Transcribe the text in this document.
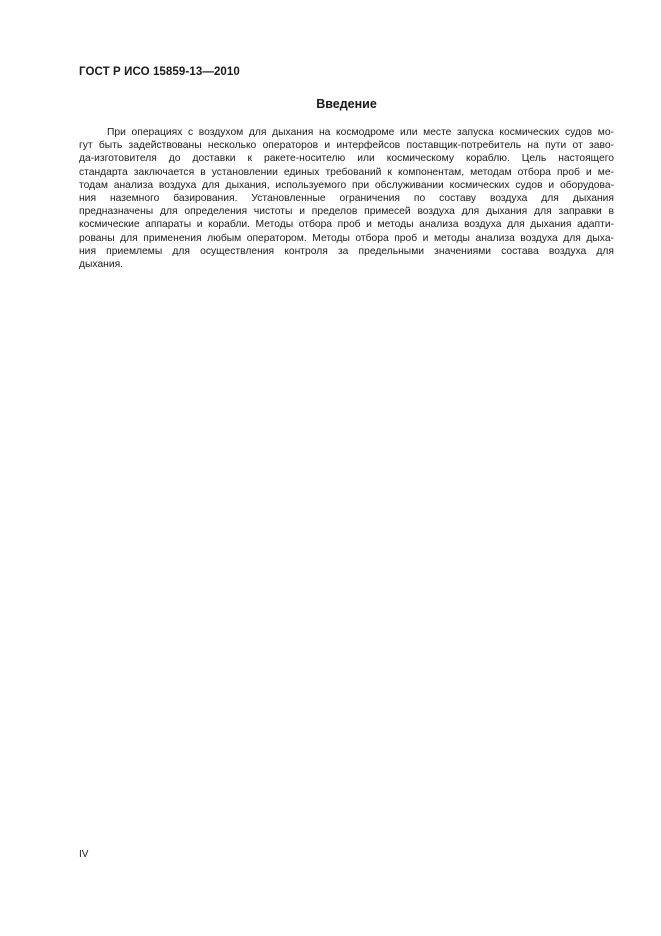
ГОСТ Р ИСО 15859-13—2010
Введение
При операциях с воздухом для дыхания на космодроме или месте запуска космических судов мо-
гут быть задействованы несколько операторов и интерфейсов поставщик-потребитель на пути от заво-
да-изготовителя до доставки к ракете-носителю или космическому кораблю. Цель настоящего
стандарта заключается в установлении единых требований к компонентам, методам отбора проб и ме-
тодам анализа воздуха для дыхания, используемого при обслуживании космических судов и оборудова-
ния наземного базирования. Установленные ограничения по составу воздуха для дыхания
предназначены для определения чистоты и пределов примесей воздуха для дыхания для заправки в
космические аппараты и корабли. Методы отбора проб и методы анализа воздуха для дыхания адапти-
рованы для применения любым оператором. Методы отбора проб и методы анализа воздуха для дыха-
ния приемлемы для осуществления контроля за предельными значениями состава воздуха для
дыхания.
IV
